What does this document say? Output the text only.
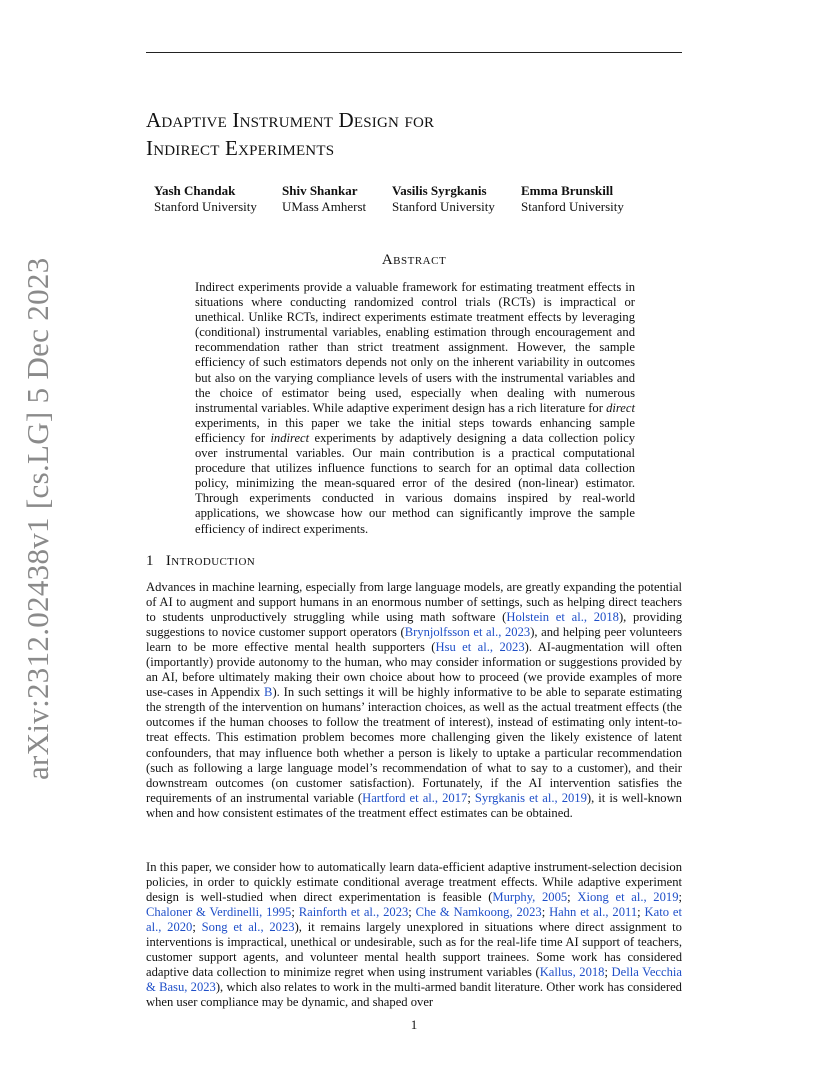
arXiv:2312.02438v1 [cs.LG] 5 Dec 2023
Adaptive Instrument Design for
Indirect Experiments
Yash Chandak
Stanford University
Shiv Shankar
UMass Amherst
Vasilis Syrgkanis
Stanford University
Emma Brunskill
Stanford University
Abstract
Indirect experiments provide a valuable framework for estimating treatment effects in situations where conducting randomized control trials (RCTs) is impractical or unethical. Unlike RCTs, indirect experiments estimate treatment effects by leveraging (conditional) instrumental variables, enabling estimation through encouragement and recommendation rather than strict treatment assignment. However, the sample efficiency of such estimators depends not only on the inherent variability in outcomes but also on the varying compliance levels of users with the instrumental variables and the choice of estimator being used, especially when dealing with numerous instrumental variables. While adaptive experiment design has a rich literature for direct experiments, in this paper we take the initial steps towards enhancing sample efficiency for indirect experiments by adaptively designing a data collection policy over instrumental variables. Our main contribution is a practical computational procedure that utilizes influence functions to search for an optimal data collection policy, minimizing the mean-squared error of the desired (non-linear) estimator. Through experiments conducted in various domains inspired by real-world applications, we showcase how our method can significantly improve the sample efficiency of indirect experiments.
1 Introduction
Advances in machine learning, especially from large language models, are greatly expanding the potential of AI to augment and support humans in an enormous number of settings, such as helping direct teachers to students unproductively struggling while using math software (Holstein et al., 2018), providing suggestions to novice customer support operators (Brynjolfsson et al., 2023), and helping peer volunteers learn to be more effective mental health supporters (Hsu et al., 2023). AI-augmentation will often (importantly) provide autonomy to the human, who may consider information or suggestions provided by an AI, before ultimately making their own choice about how to proceed (we provide examples of more use-cases in Appendix B). In such settings it will be highly informative to be able to separate estimating the strength of the intervention on humans’ interaction choices, as well as the actual treatment effects (the outcomes if the human chooses to follow the treatment of interest), instead of estimating only intent-to-treat effects. This estimation problem becomes more challenging given the likely existence of latent confounders, that may influence both whether a person is likely to uptake a particular recommendation (such as following a large language model’s recommendation of what to say to a customer), and their downstream outcomes (on customer satisfaction). Fortunately, if the AI intervention satisfies the requirements of an instrumental variable (Hartford et al., 2017; Syrgkanis et al., 2019), it is well-known when and how consistent estimates of the treatment effect estimates can be obtained.
In this paper, we consider how to automatically learn data-efficient adaptive instrument-selection decision policies, in order to quickly estimate conditional average treatment effects. While adaptive experiment design is well-studied when direct experimentation is feasible (Murphy, 2005; Xiong et al., 2019; Chaloner & Verdinelli, 1995; Rainforth et al., 2023; Che & Namkoong, 2023; Hahn et al., 2011; Kato et al., 2020; Song et al., 2023), it remains largely unexplored in situations where direct assignment to interventions is impractical, unethical or undesirable, such as for the real-life time AI support of teachers, customer support agents, and volunteer mental health support trainees. Some work has considered adaptive data collection to minimize regret when using instrument variables (Kallus, 2018; Della Vecchia & Basu, 2023), which also relates to work in the multi-armed bandit literature. Other work has considered when user compliance may be dynamic, and shaped over
1
